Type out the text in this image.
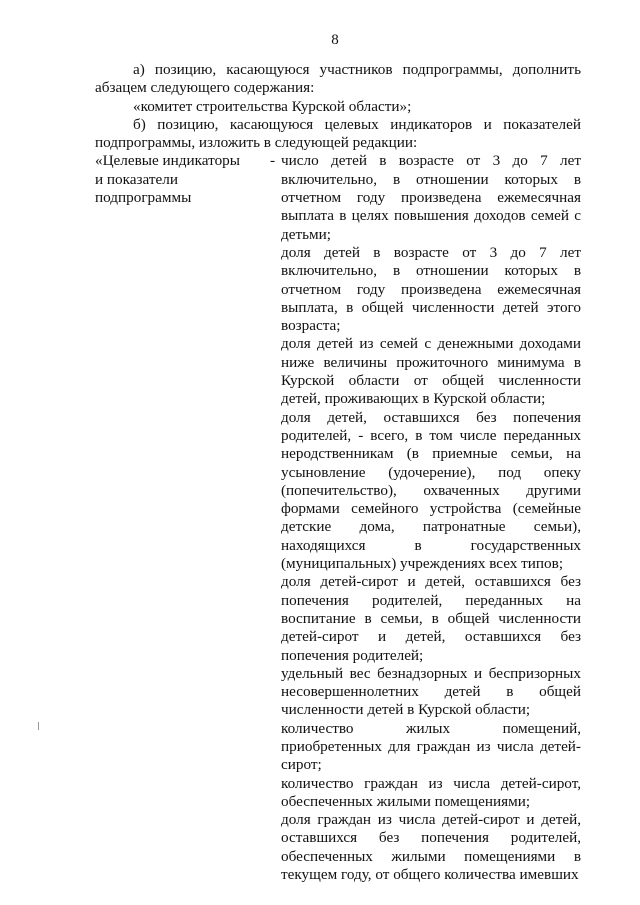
8

а) позицию, касающуюся участников подпрограммы, дополнить абзацем следующего содержания:

«комитет строительства Курской области»;

б) позицию, касающуюся целевых индикаторов и показателей подпрограммы, изложить в следующей редакции:

«Целевые индикаторы -
и показатели
подпрограммы

число детей в возрасте от 3 до 7 лет включительно, в отношении которых в отчетном году произведена ежемесячная выплата в целях повышения доходов семей с детьми;

доля детей в возрасте от 3 до 7 лет включительно, в отношении которых в отчетном году произведена ежемесячная выплата, в общей численности детей этого возраста;

доля детей из семей с денежными доходами ниже величины прожиточного минимума в Курской области от общей численности детей, проживающих в Курской области;

доля детей, оставшихся без попечения родителей, - всего, в том числе переданных неродственникам (в приемные семьи, на усыновление (удочерение), под опеку (попечительство), охваченных другими формами семейного устройства (семейные детские дома, патронатные семьи), находящихся в государственных (муниципальных) учреждениях всех типов;

доля детей-сирот и детей, оставшихся без попечения родителей, переданных на воспитание в семьи, в общей численности детей-сирот и детей, оставшихся без попечения родителей;

удельный вес безнадзорных и беспризорных несовершеннолетних детей в общей численности детей в Курской области;

количество жилых помещений, приобретенных для граждан из числа детей-сирот;

количество граждан из числа детей-сирот, обеспеченных жилыми помещениями;

доля граждан из числа детей-сирот и детей, оставшихся без попечения родителей, обеспеченных жилыми помещениями в текущем году, от общего количества имевших
